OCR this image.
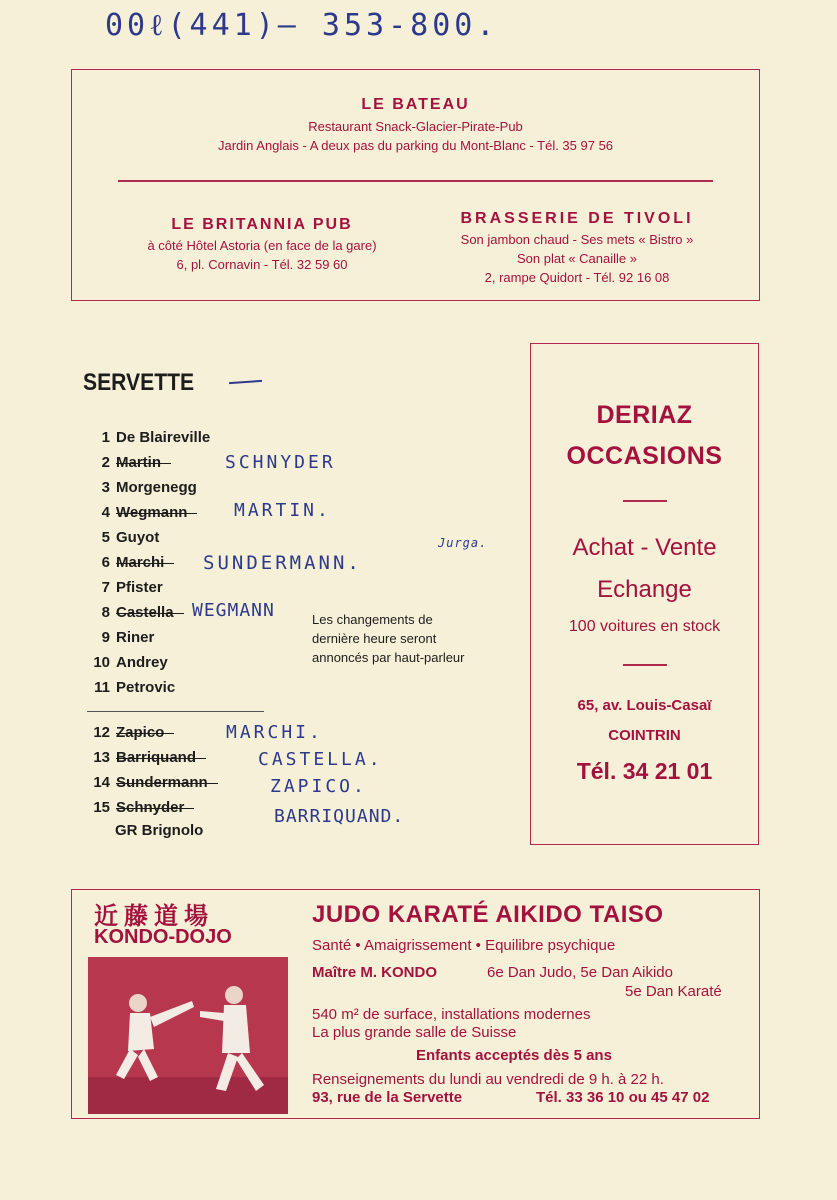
00ℓ(441)— 353-800.
LE BATEAU
Restaurant Snack-Glacier-Pirate-Pub
Jardin Anglais - A deux pas du parking du Mont-Blanc - Tél. 35 97 56
LE BRITANNIA PUB
à côté Hôtel Astoria (en face de la gare)
6, pl. Cornavin - Tél. 32 59 60
BRASSERIE DE TIVOLI
Son jambon chaud - Ses mets « Bistro »
Son plat « Canaille »
2, rampe Quidort - Tél. 92 16 08
SERVETTE
1 De Blaireville
2 Martin	SCHNYDER
3 Morgenegg
4 Wegmann	MARTIN.
5 Guyot
6 Marchi SUNDERMANN.
Jurga.
7 Pfister
8 Castella WEGMANN
9 Riner
10 Andrey
11 Petrovic
Les changements de
dernière heure seront
annoncés par haut-parleur
12 Zapico	MARCHI.
13 Barriquand	CASTELLA.
14 Sundermann	ZAPICO.
15 Schnyder	BARRIQUAND.
GR Brignolo
DERIAZ
OCCASIONS
Achat - Vente
Echange
100 voitures en stock
65, av. Louis-Casaï
COINTRIN
Tél. 34 21 01
近藤道場
KONDO-DOJO
JUDO KARATÉ AIKIDO TAISO
Santé • Amaigrissement • Equilibre psychique
Maître M. KONDO	6e Dan Judo, 5e Dan Aikido
5e Dan Karaté
540 m² de surface, installations modernes
La plus grande salle de Suisse
Enfants acceptés dès 5 ans
Renseignements du lundi au vendredi de 9 h. à 22 h.
93, rue de la Servette	Tél. 33 36 10 ou 45 47 02
